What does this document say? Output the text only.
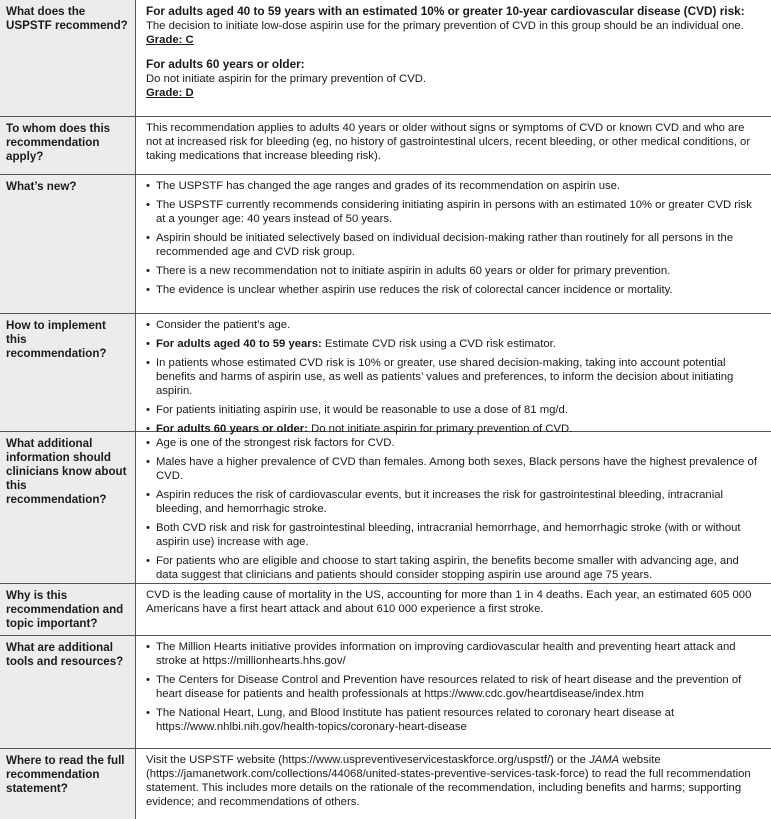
What does the USPSTF recommend?

For adults aged 40 to 59 years with an estimated 10% or greater 10-year cardiovascular disease (CVD) risk:

The decision to initiate low-dose aspirin use for the primary prevention of CVD in this group should be an individual one.

Grade: C

For adults 60 years or older:

Do not initiate aspirin for the primary prevention of CVD.

Grade: D

To whom does this recommendation apply?

This recommendation applies to adults 40 years or older without signs or symptoms of CVD or known CVD and who are not at increased risk for bleeding (eg, no history of gastrointestinal ulcers, recent bleeding, or other medical conditions, or taking medications that increase bleeding risk).

What’s new?
•	The USPSTF has changed the age ranges and grades of its recommendation on aspirin use.
• The USPSTF currently recommends considering initiating aspirin in persons with an estimated 10% or greater CVD risk at a younger age: 40 years instead of 50 years.
• Aspirin should be initiated selectively based on individual decision-making rather than routinely for all persons in the recommended age and CVD risk group.
• There is a new recommendation not to initiate aspirin in adults 60 years or older for primary prevention.
• The evidence is unclear whether aspirin use reduces the risk of colorectal cancer incidence or mortality.
How to implement this recommendation?
• Consider the patient’s age.
• For adults aged 40 to 59 years: Estimate CVD risk using a CVD risk estimator.
• In patients whose estimated CVD risk is 10% or greater, use shared decision-making, taking into account potential benefits and harms of aspirin use, as well as patients’ values and preferences, to inform the decision about initiating aspirin.
• For patients initiating aspirin use, it would be reasonable to use a dose of 81 mg/d.
• For adults 60 years or older: Do not initiate aspirin for primary prevention of CVD.
What additional information should clinicians know about this recommendation?
• Age is one of the strongest risk factors for CVD.
• Males have a higher prevalence of CVD than females. Among both sexes, Black persons have the highest prevalence of CVD.
• Aspirin reduces the risk of cardiovascular events, but it increases the risk for gastrointestinal bleeding, intracranial bleeding, and hemorrhagic stroke.
• Both CVD risk and risk for gastrointestinal bleeding, intracranial hemorrhage, and hemorrhagic stroke (with or without aspirin use) increase with age.
• For patients who are eligible and choose to start taking aspirin, the benefits become smaller with advancing age, and data suggest that clinicians and patients should consider stopping aspirin use around age 75 years.
Why is this recommendation and topic important?

CVD is the leading cause of mortality in the US, accounting for more than 1 in 4 deaths. Each year, an estimated 605 000 Americans have a first heart attack and about 610 000 experience a first stroke.

What are additional tools and resources?
• The Million Hearts initiative provides information on improving cardiovascular health and preventing heart attack and stroke at https://millionhearts.hhs.gov/
• The Centers for Disease Control and Prevention have resources related to risk of heart disease and the prevention of heart disease for patients and health professionals at https://www.cdc.gov/heartdisease/index.htm
• The National Heart, Lung, and Blood Institute has patient resources related to coronary heart disease at https://www.nhlbi.nih.gov/health-topics/coronary-heart-disease
Where to read the full recommendation statement?

Visit the USPSTF website (https://www.uspreventiveservicestaskforce.org/uspstf/) or the JAMA website (https://jamanetwork.com/collections/44068/united-states-preventive-services-task-force) to read the full recommendation statement. This includes more details on the rationale of the recommendation, including benefits and harms; supporting evidence; and recommendations of others.
